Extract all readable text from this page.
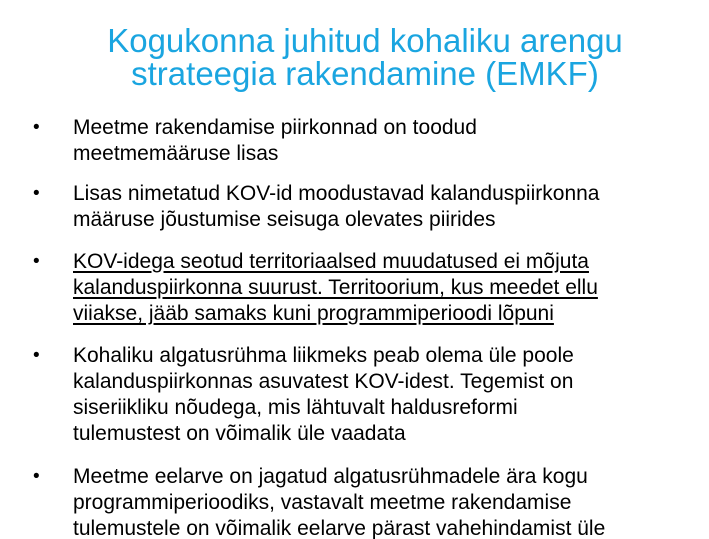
Kogukonna juhitud kohaliku arengu
strateegia rakendamine (EMKF)
• Meetme rakendamise piirkonnad on toodud
meetmemääruse lisas
• Lisas nimetatud KOV-id moodustavad kalanduspiirkonna
määruse jõustumise seisuga olevates piirides
• KOV-idega seotud territoriaalsed muudatused ei mõjuta
kalanduspiirkonna suurust. Territoorium, kus meedet ellu
viiakse, jääb samaks kuni programmiperioodi lõpuni
• Kohaliku algatusrühma liikmeks peab olema üle poole
kalanduspiirkonnas asuvatest KOV-idest. Tegemist on
siseriikliku nõudega, mis lähtuvalt haldusreformi
tulemustest on võimalik üle vaadata
• Meetme eelarve on jagatud algatusrühmadele ära kogu
programmiperioodiks, vastavalt meetme rakendamise
tulemustele on võimalik eelarve pärast vahehindamist üle
